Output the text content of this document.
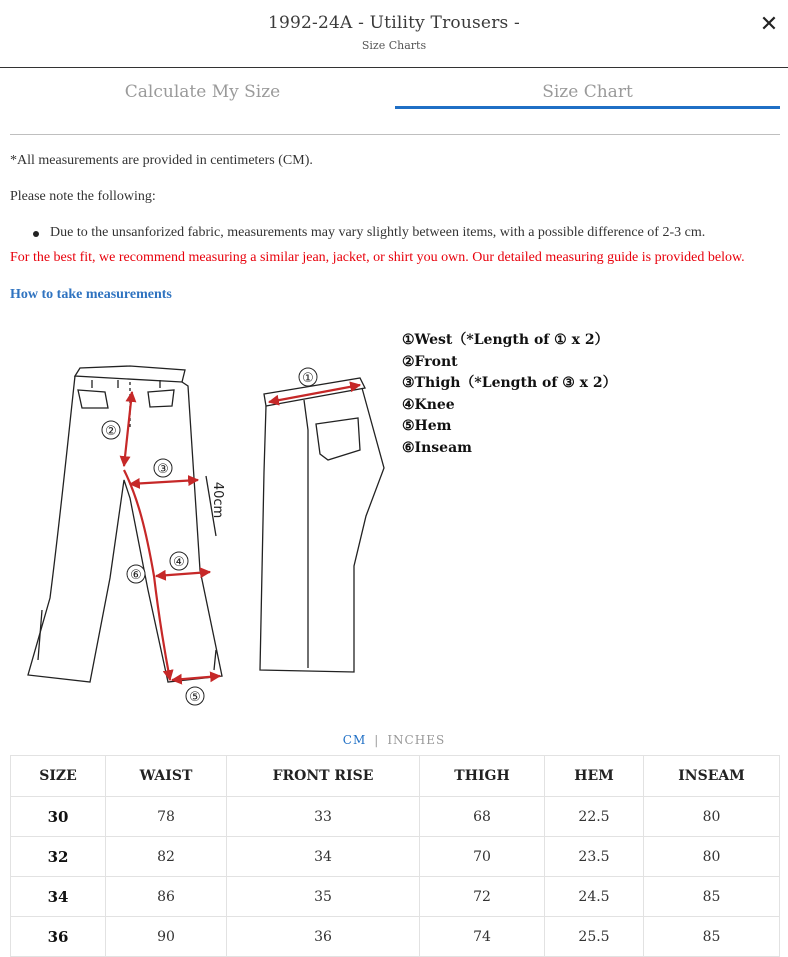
1992-24A - Utility Trousers -
Size Charts
✕
Calculate My Size	Size Chart
*All measurements are provided in centimeters (CM).
Please note the following:
Due to the unsanforized fabric, measurements may vary slightly between items, with a possible difference of 2-3 cm.
For the best fit, we recommend measuring a similar jean, jacket, or shirt you own. Our detailed measuring guide is provided below.
How to take measurements
①
②
③
④
⑤
⑥
40cm
①West（*Length of ① x 2）
②Front
③Thigh（*Length of ③ x 2）
④Knee
⑤Hem
⑥Inseam
CM | INCHES
SIZE	WAIST	FRONT RISE	THIGH	HEM	INSEAM
30	78	33	68	22.5	80
32	82	34	70	23.5	80
34	86	35	72	24.5	85
36	90	36	74	25.5	85
